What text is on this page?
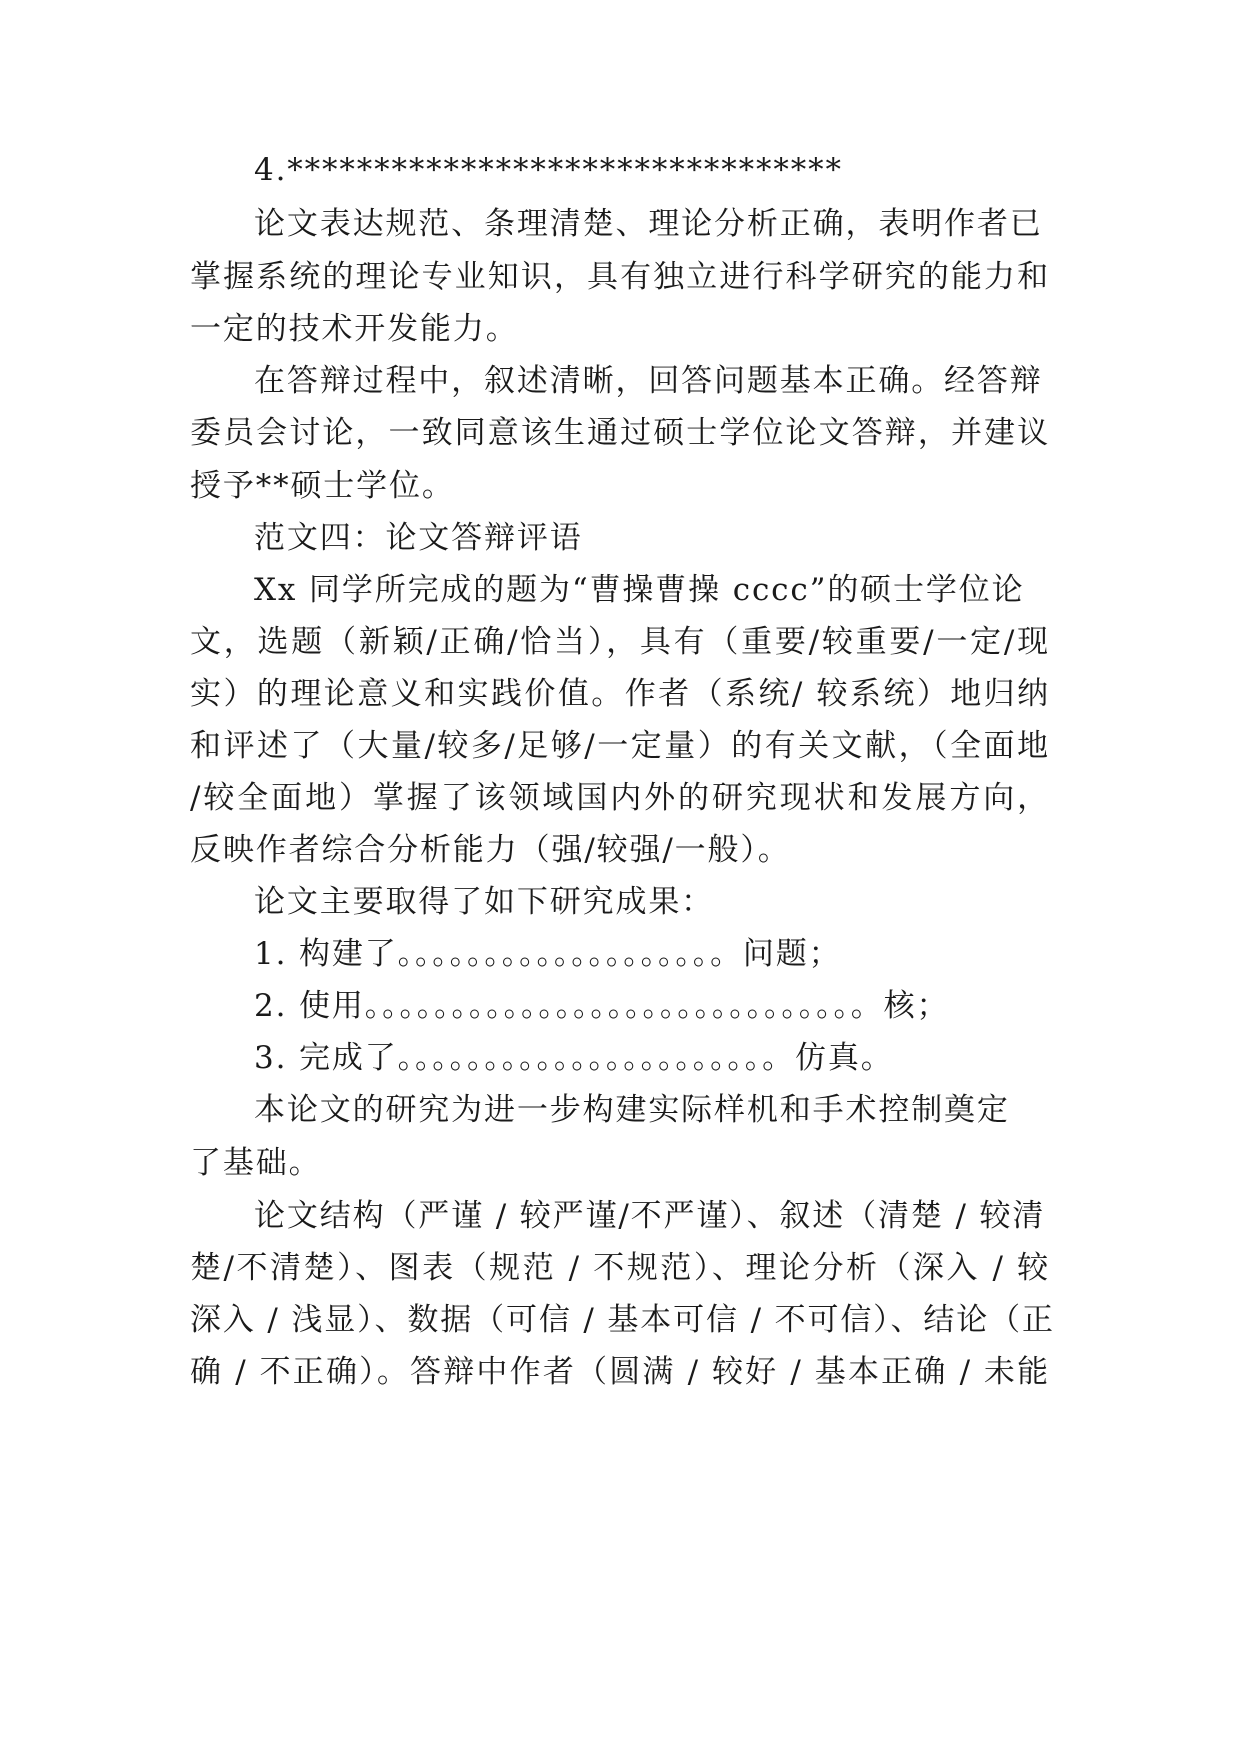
4.********************************
论文表达规范、条理清楚、理论分析正确，表明作者已
掌握系统的理论专业知识，具有独立进行科学研究的能力和
一定的技术开发能力。
在答辩过程中，叙述清晰，回答问题基本正确。经答辩
委员会讨论，一致同意该生通过硕士学位论文答辩，并建议
授予**硕士学位。
范文四：论文答辩评语
Xx 同学所完成的题为“曹操曹操 cccc”的硕士学位论
文，选题（新颖/正确/恰当），具有（重要/较重要/一定/现
实）的理论意义和实践价值。作者（系统/ 较系统）地归纳
和评述了（大量/较多/足够/一定量）的有关文献，（全面地
/较全面地）掌握了该领域国内外的研究现状和发展方向，
反映作者综合分析能力（强/较强/一般）。
论文主要取得了如下研究成果：
1. 构建了。。。。。。。。。。。。。。。。。。。问题；
2. 使用。。。。。。。。。。。。。。。。。。。。。。。。。。。。。核；
3. 完成了。。。。。。。。。。。。。。。。。。。。。。仿真。
本论文的研究为进一步构建实际样机和手术控制奠定
了基础。
论文结构（严谨 / 较严谨/不严谨）、叙述（清楚 / 较清
楚/不清楚）、图表（规范 / 不规范）、理论分析（深入 / 较
深入 / 浅显）、数据（可信 / 基本可信 / 不可信）、结论（正
确 / 不正确）。答辩中作者（圆满 / 较好 / 基本正确 / 未能
